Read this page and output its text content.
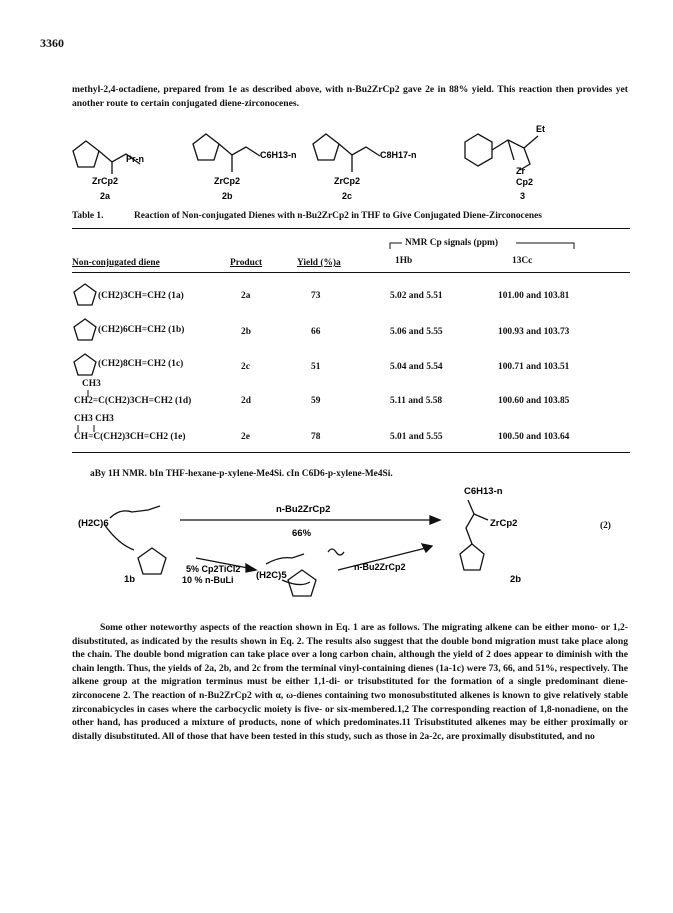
3360
methyl-2,4-octadiene, prepared from 1e as described above, with n-Bu2ZrCp2 gave 2e in 88% yield. This reaction then provides yet another route to certain conjugated diene-zirconocenes.
Pr-n
ZrCp2
2a
C6H13-n
ZrCp2
2b
C8H17-n
ZrCp2
2c
Et
Zr
Cp2
3
Table 1.	Reaction of Non-conjugated Dienes with n-Bu2ZrCp2 in THF to Give Conjugated Diene-Zirconocenes
NMR Cp signals (ppm)
Non-conjugated diene	Product	Yield (%)a	1Hb	13Cc
(CH2)3CH=CH2 (1a)	2a	73	5.02 and 5.51	101.00 and 103.81
(CH2)6CH=CH2 (1b)	2b	66	5.06 and 5.55	100.93 and 103.73
(CH2)8CH=CH2 (1c)	2c	51	5.04 and 5.54	100.71 and 103.51
CH3
CH2=C(CH2)3CH=CH2 (1d)	2d	59	5.11 and 5.58	100.60 and 103.85
CH3 CH3
CH=C(CH2)3CH=CH2 (1e)	2e	78	5.01 and 5.55	100.50 and 103.64
aBy 1H NMR. bIn THF-hexane-p-xylene-Me4Si. cIn C6D6-p-xylene-Me4Si.
(H2C)6
1b
n-Bu2ZrCp2
66%
5% Cp2TiCl2
10 % n-BuLi (H2C)5
n-Bu2ZrCp2
C6H13-n
ZrCp2
2b
(2)
Some other noteworthy aspects of the reaction shown in Eq. 1 are as follows. The migrating alkene can be either mono- or 1,2-disubstituted, as indicated by the results shown in Eq. 2. The results also suggest that the double bond migration must take place along the chain. The double bond migration can take place over a long carbon chain, although the yield of 2 does appear to diminish with the chain length. Thus, the yields of 2a, 2b, and 2c from the terminal vinyl-containing dienes (1a-1c) were 73, 66, and 51%, respectively. The alkene group at the migration terminus must be either 1,1-di- or trisubstituted for the formation of a single predominant diene-zirconocene 2. The reaction of n-Bu2ZrCp2 with α, ω-dienes containing two monosubstituted alkenes is known to give relatively stable zirconabicycles in cases where the carbocyclic moiety is five- or six-membered.1,2 The corresponding reaction of 1,8-nonadiene, on the other hand, has produced a mixture of products, none of which predominates.11 Trisubstituted alkenes may be either proximally or distally disubstituted. All of those that have been tested in this study, such as those in 2a-2c, are proximally disubstituted, and no
